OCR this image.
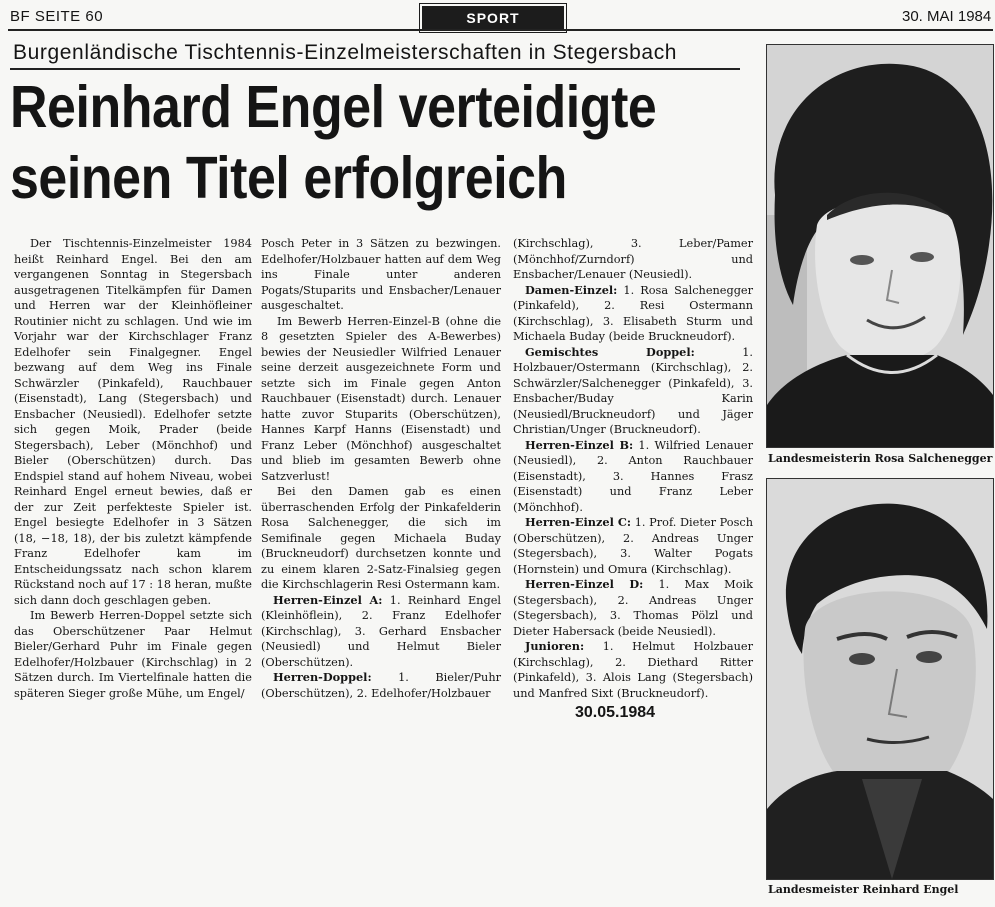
BF SEITE 60	SPORT	30. MAI 1984
Burgenländische Tischtennis-Einzelmeisterschaften in Stegersbach
Reinhard Engel verteidigte
seinen Titel erfolgreich

Der Tischtennis-Einzelmeister 1984 heißt Reinhard Engel. Bei den am vergangenen Sonntag in Stegersbach ausgetragenen Titelkämpfen für Damen und Herren war der Kleinhöfleiner Routinier nicht zu schlagen. Und wie im Vorjahr war der Kirchschlager Franz Edelhofer sein Finalgegner. Engel bezwang auf dem Weg ins Finale Schwärzler (Pinkafeld), Rauchbauer (Eisenstadt), Lang (Stegersbach) und Ensbacher (Neusiedl). Edelhofer setzte sich gegen Moik, Prader (beide Stegersbach), Leber (Mönchhof) und Bieler (Oberschützen) durch. Das Endspiel stand auf hohem Niveau, wobei Reinhard Engel erneut bewies, daß er der zur Zeit perfekteste Spieler ist. Engel besiegte Edelhofer in 3 Sätzen (18, −18, 18), der bis zuletzt kämpfende Franz Edelhofer kam im Entscheidungssatz nach schon klarem Rückstand noch auf 17 : 18 heran, mußte sich dann doch geschlagen geben.

Im Bewerb Herren-Doppel setzte sich das Oberschützener Paar Helmut Bieler/Gerhard Puhr im Finale gegen Edelhofer/Holzbauer (Kirchschlag) in 2 Sätzen durch. Im Viertelfinale hatten die späteren Sieger große Mühe, um Engel/

Posch Peter in 3 Sätzen zu bezwingen. Edelhofer/Holzbauer hatten auf dem Weg ins Finale unter anderen Pogats/Stuparits und Ensbacher/Lenauer ausgeschaltet.

Im Bewerb Herren-Einzel-B (ohne die 8 gesetzten Spieler des A-Bewerbes) bewies der Neusiedler Wilfried Lenauer seine derzeit ausgezeichnete Form und setzte sich im Finale gegen Anton Rauchbauer (Eisenstadt) durch. Lenauer hatte zuvor Stuparits (Oberschützen), Hannes Karpf Hanns (Eisenstadt) und Franz Leber (Mönchhof) ausgeschaltet und blieb im gesamten Bewerb ohne Satzverlust!

Bei den Damen gab es einen überraschenden Erfolg der Pinkafelderin Rosa Salchenegger, die sich im Semifinale gegen Michaela Buday (Bruckneudorf) durchsetzen konnte und zu einem klaren 2-Satz-Finalsieg gegen die Kirchschlagerin Resi Ostermann kam.

Herren-Einzel A: 1. Reinhard Engel (Kleinhöflein), 2. Franz Edelhofer (Kirchschlag), 3. Gerhard Ensbacher (Neusiedl) und Helmut Bieler (Oberschützen).

Herren-Doppel: 1. Bieler/Puhr (Oberschützen), 2. Edelhofer/Holzbauer

(Kirchschlag), 3. Leber/Pamer (Mönchhof/Zurndorf) und Ensbacher/Lenauer (Neusiedl).

Damen-Einzel: 1. Rosa Salchenegger (Pinkafeld), 2. Resi Ostermann (Kirchschlag), 3. Elisabeth Sturm und Michaela Buday (beide Bruckneudorf).

Gemischtes Doppel:	1. Holzbauer/Ostermann (Kirchschlag), 2. Schwärzler/Salchenegger (Pinkafeld), 3. Ensbacher/Buday Karin (Neusiedl/Bruckneudorf) und Jäger Christian/Unger (Bruckneudorf).

Herren-Einzel B: 1. Wilfried Lenauer (Neusiedl), 2. Anton Rauchbauer (Eisenstadt), 3. Hannes Frasz (Eisenstadt) und Franz Leber (Mönchhof).

Herren-Einzel C: 1. Prof. Dieter Posch (Oberschützen), 2. Andreas Unger (Stegersbach), 3. Walter Pogats (Hornstein) und Omura (Kirchschlag).

Herren-Einzel D: 1. Max Moik (Stegersbach), 2. Andreas Unger (Stegersbach), 3. Thomas Pölzl und Dieter Habersack (beide Neusiedl).

Junioren: 1. Helmut Holzbauer (Kirchschlag), 2. Diethard Ritter (Pinkafeld), 3. Alois Lang (Stegersbach) und Manfred Sixt (Bruckneudorf).

30.05.1984
Landesmeisterin Rosa Salchenegger
Landesmeister Reinhard Engel
